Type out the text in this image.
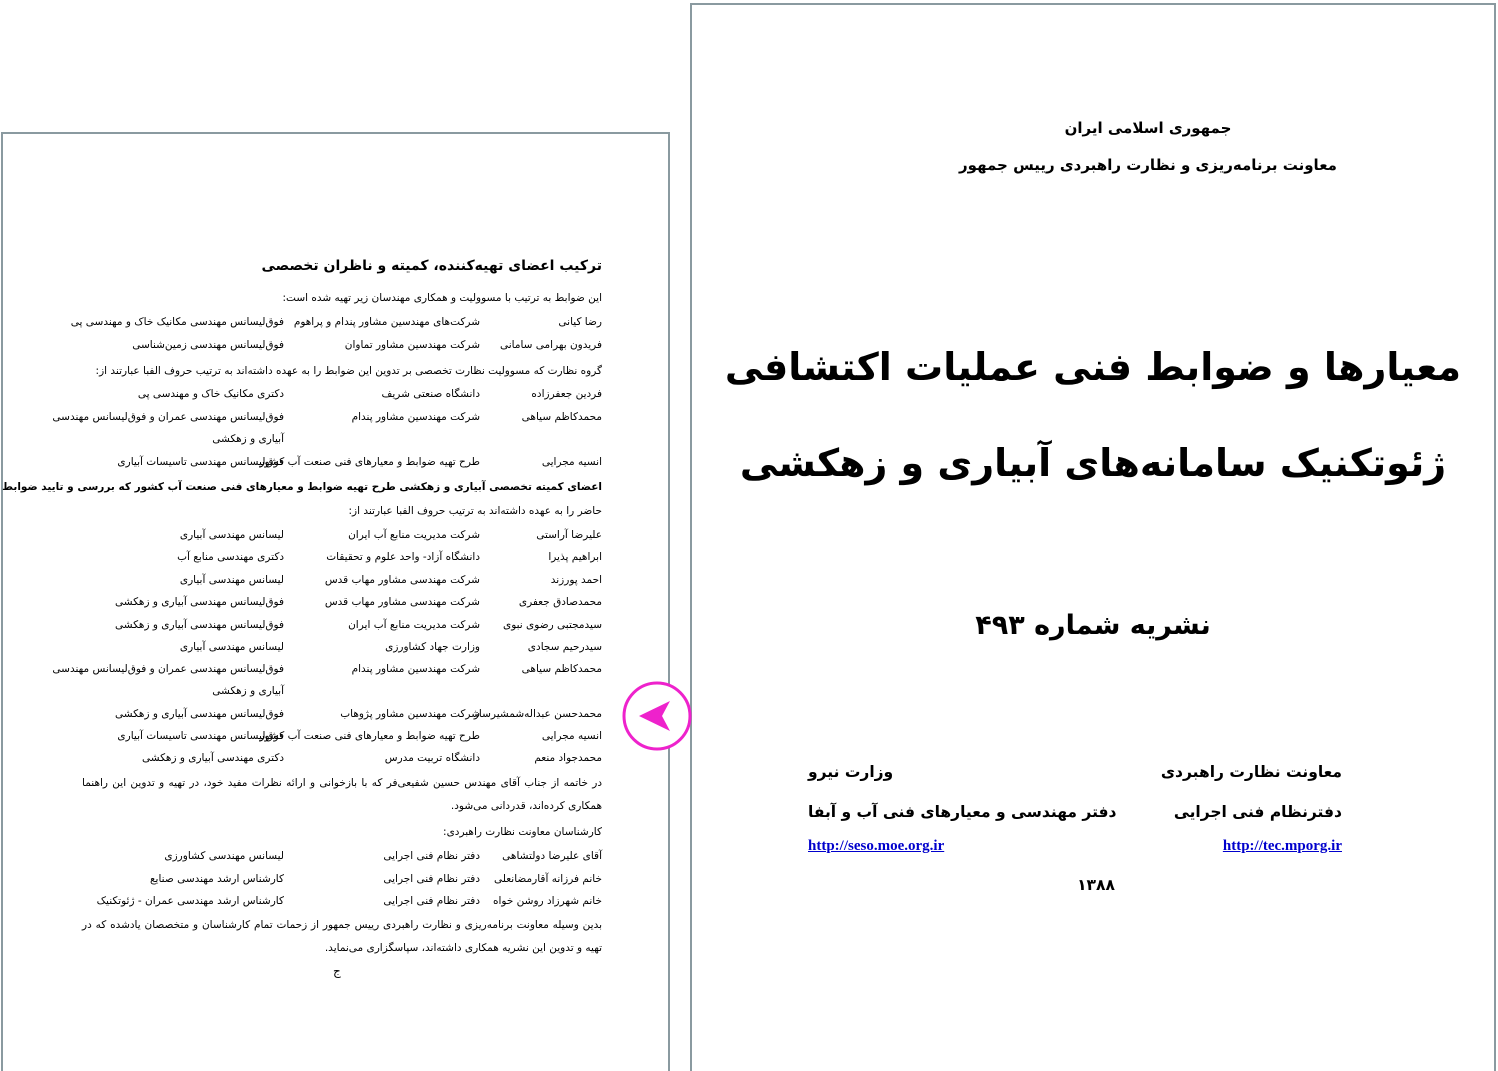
ترکیب اعضای تهیه‌کننده، کمیته و ناظران تخصصی
این ضوابط به ترتیب با مسوولیت و همکاری مهندسان زیر تهیه شده است:
رضا کیانی
شرکت‌های مهندسین مشاور پندام و پراهوم
فوق‌لیسانس مهندسی مکانیک خاک و مهندسی پی
فریدون بهرامی سامانی
شرکت مهندسین مشاور تماوان
فوق‌لیسانس مهندسی زمین‌شناسی
گروه نظارت که مسوولیت نظارت تخصصی بر تدوین این ضوابط را به عهده داشته‌اند به ترتیب حروف الفبا عبارتند از:
فردین جعفرزاده
دانشگاه صنعتی شریف
دکتری مکانیک خاک و مهندسی پی
محمدکاظم سیاهی
شرکت مهندسین مشاور پندام
فوق‌لیسانس مهندسی عمران و فوق‌لیسانس مهندسی
آبیاری و زهکشی
انسیه مجرایی
طرح تهیه ضوابط و معیارهای فنی صنعت آب کشور
فوق‌لیسانس مهندسی تاسیسات آبیاری
اعضای کمیته تخصصی آبیاری و زهکشی طرح تهیه ضوابط و معیارهای فنی صنعت آب کشور که بررسی و تایید ضوابط
حاضر را به عهده داشته‌اند به ترتیب حروف الفبا عبارتند از:
علیرضا آراستی
شرکت مدیریت منابع آب ایران
لیسانس مهندسی آبیاری
ابراهیم پذیرا
دانشگاه آزاد- واحد علوم و تحقیقات
دکتری مهندسی منابع آب
احمد پورزند
شرکت مهندسی مشاور مهاب قدس
لیسانس مهندسی آبیاری
محمدصادق جعفری
شرکت مهندسی مشاور مهاب قدس
فوق‌لیسانس مهندسی آبیاری و زهکشی
سیدمجتبی رضوی نبوی
شرکت مدیریت منابع آب ایران
فوق‌لیسانس مهندسی آبیاری و زهکشی
سیدرحیم سجادی
وزارت جهاد کشاورزی
لیسانس مهندسی آبیاری
محمدکاظم سیاهی
شرکت مهندسین مشاور پندام
فوق‌لیسانس مهندسی عمران و فوق‌لیسانس مهندسی
آبیاری و زهکشی
محمدحسن عبداله‌شمشیرساز
شرکت مهندسین مشاور پژوهاب
فوق‌لیسانس مهندسی آبیاری و زهکشی
انسیه مجرایی
طرح تهیه ضوابط و معیارهای فنی صنعت آب کشور
فوق‌لیسانس مهندسی تاسیسات آبیاری
محمدجواد منعم
دانشگاه تربیت مدرس
دکتری مهندسی آبیاری و زهکشی
در خاتمه از جناب آقای مهندس حسین شفیعی‌فر که با بازخوانی و ارائه نظرات مفید خود، در تهیه و تدوین این راهنما همکاری کرده‌اند، قدردانی می‌شود.
کارشناسان معاونت نظارت راهبردی:
آقای علیرضا دولتشاهی
دفتر نظام فنی اجرایی
لیسانس مهندسی کشاورزی
خانم فرزانه آقارمضانعلی
دفتر نظام فنی اجرایی
کارشناس ارشد مهندسی صنایع
خانم شهرزاد روشن خواه
دفتر نظام فنی اجرایی
کارشناس ارشد مهندسی عمران - ژئوتکنیک
بدین وسیله معاونت برنامه‌ریزی و نظارت راهبردی رییس جمهور از زحمات تمام کارشناسان و متخصصان یادشده که در تهیه و تدوین این نشریه همکاری داشته‌اند، سپاسگزاری می‌نماید.
ج
جمهوری اسلامی ایران
معاونت برنامه‌ریزی و نظارت راهبردی رییس جمهور
معیارها و ضوابط فنی عملیات اکتشافی
ژئوتکنیک سامانه‌های آبیاری و زهکشی
نشریه شماره ۴۹۳
معاونت نظارت راهبردی
دفترنظام فنی اجرایی
http://tec.mporg.ir
وزارت نیرو
دفتر مهندسی و معیارهای فنی آب و آبفا
http://seso.moe.org.ir
۱۳۸۸
